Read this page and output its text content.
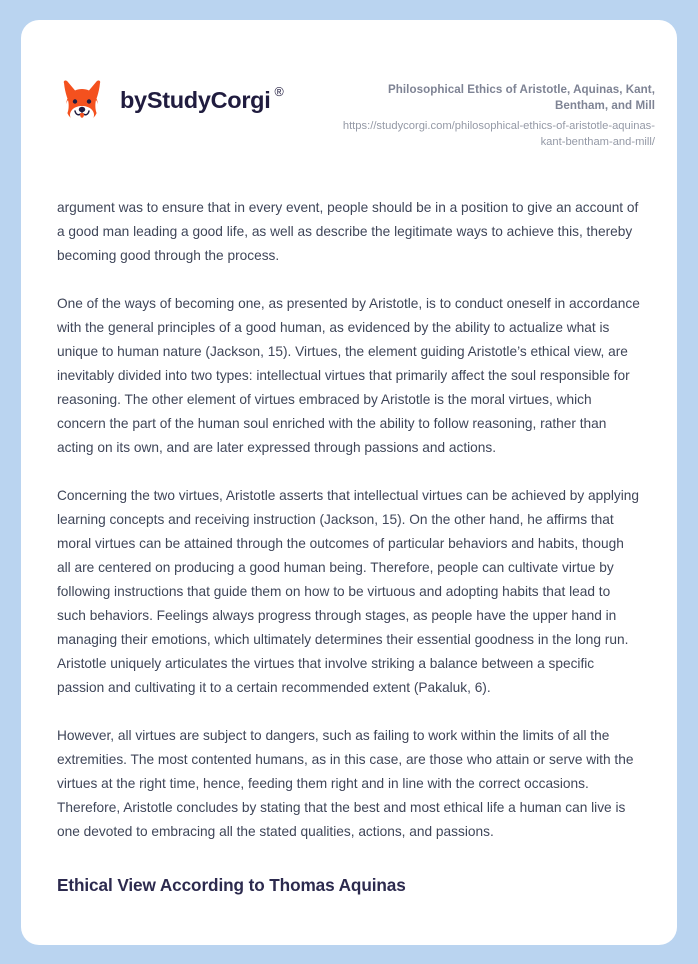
by StudyCorgi ®	Philosophical Ethics of Aristotle, Aquinas, Kant, Bentham, and Mill
https://studycorgi.com/philosophical-ethics-of-aristotle-aquinas-kant-bentham-and-mill/

argument was to ensure that in every event, people should be in a position to give an account of a good man leading a good life, as well as describe the legitimate ways to achieve this, thereby becoming good through the process.

One of the ways of becoming one, as presented by Aristotle, is to conduct oneself in accordance with the general principles of a good human, as evidenced by the ability to actualize what is unique to human nature (Jackson, 15). Virtues, the element guiding Aristotle’s ethical view, are inevitably divided into two types: intellectual virtues that primarily affect the soul responsible for reasoning. The other element of virtues embraced by Aristotle is the moral virtues, which concern the part of the human soul enriched with the ability to follow reasoning, rather than acting on its own, and are later expressed through passions and actions.

Concerning the two virtues, Aristotle asserts that intellectual virtues can be achieved by applying learning concepts and receiving instruction (Jackson, 15). On the other hand, he affirms that moral virtues can be attained through the outcomes of particular behaviors and habits, though all are centered on producing a good human being. Therefore, people can cultivate virtue by following instructions that guide them on how to be virtuous and adopting habits that lead to such behaviors. Feelings always progress through stages, as people have the upper hand in managing their emotions, which ultimately determines their essential goodness in the long run. Aristotle uniquely articulates the virtues that involve striking a balance between a specific passion and cultivating it to a certain recommended extent (Pakaluk, 6).

However, all virtues are subject to dangers, such as failing to work within the limits of all the extremities. The most contented humans, as in this case, are those who attain or serve with the virtues at the right time, hence, feeding them right and in line with the correct occasions. Therefore, Aristotle concludes by stating that the best and most ethical life a human can live is one devoted to embracing all the stated qualities, actions, and passions.

Ethical View According to Thomas Aquinas
